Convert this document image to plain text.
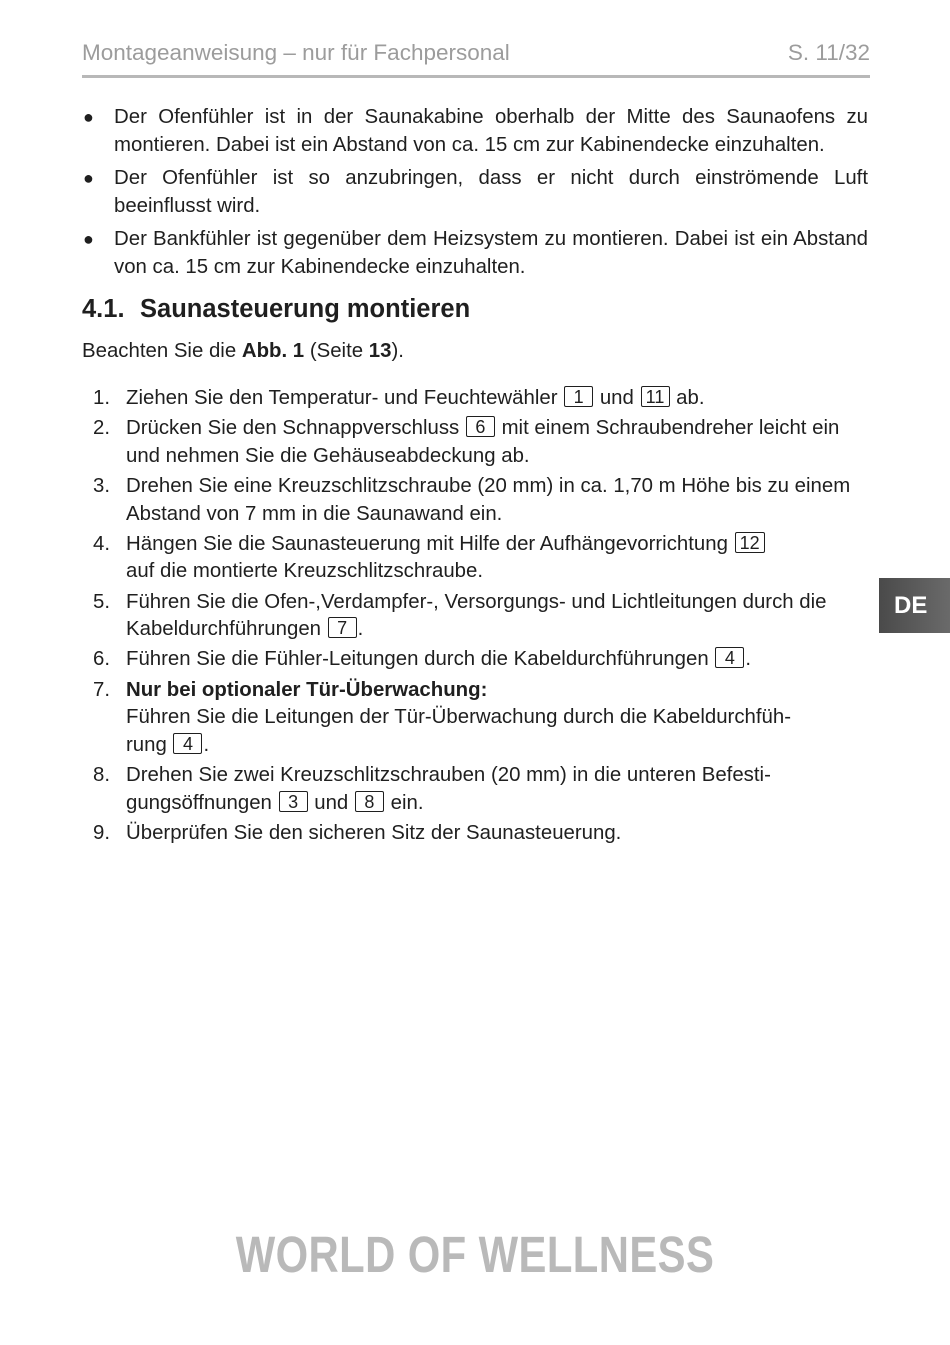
Montageanweisung – nur für Fachpersonal	S. 11/32
● Der Ofenfühler ist in der Saunakabine oberhalb der Mitte des Saunaofens zu montieren. Dabei ist ein Abstand von ca. 15 cm zur Kabinendecke einzuhalten.
● Der Ofenfühler ist so anzubringen, dass er nicht durch einströmende Luft beeinflusst wird.
● Der Bankfühler ist gegenüber dem Heizsystem zu montieren. Dabei ist ein Abstand von ca. 15 cm zur Kabinendecke einzuhalten.
4.1. Saunasteuerung montieren

Beachten Sie die Abb. 1 (Seite 13).

1. Ziehen Sie den Temperatur- und Feuchtewähler 1 und 11 ab.
2. Drücken Sie den Schnappverschluss 6 mit einem Schraubendreher leicht ein und nehmen Sie die Gehäuseabdeckung ab.
3. Drehen Sie eine Kreuzschlitzschraube (20 mm) in ca. 1,70 m Höhe bis zu einem Abstand von 7 mm in die Saunawand ein.
4. Hängen Sie die Saunasteuerung mit Hilfe der Aufhängevorrichtung 12
auf die montierte Kreuzschlitzschraube.
5. Führen Sie die Ofen-,Verdampfer-, Versorgungs- und Lichtleitungen durch die Kabeldurchführungen 7 .
6. Führen Sie die Fühler-Leitungen durch die Kabeldurchführungen 4 .
7. Nur bei optionaler Tür-Überwachung:
Führen Sie die Leitungen der Tür-Überwachung durch die Kabeldurchfüh-
rung 4 .
8. Drehen Sie zwei Kreuzschlitzschrauben (20 mm) in die unteren Befesti-
gungsöffnungen 3 und 8 ein.
9. Überprüfen Sie den sicheren Sitz der Saunasteuerung.
DE
WORLD OF WELLNESS
